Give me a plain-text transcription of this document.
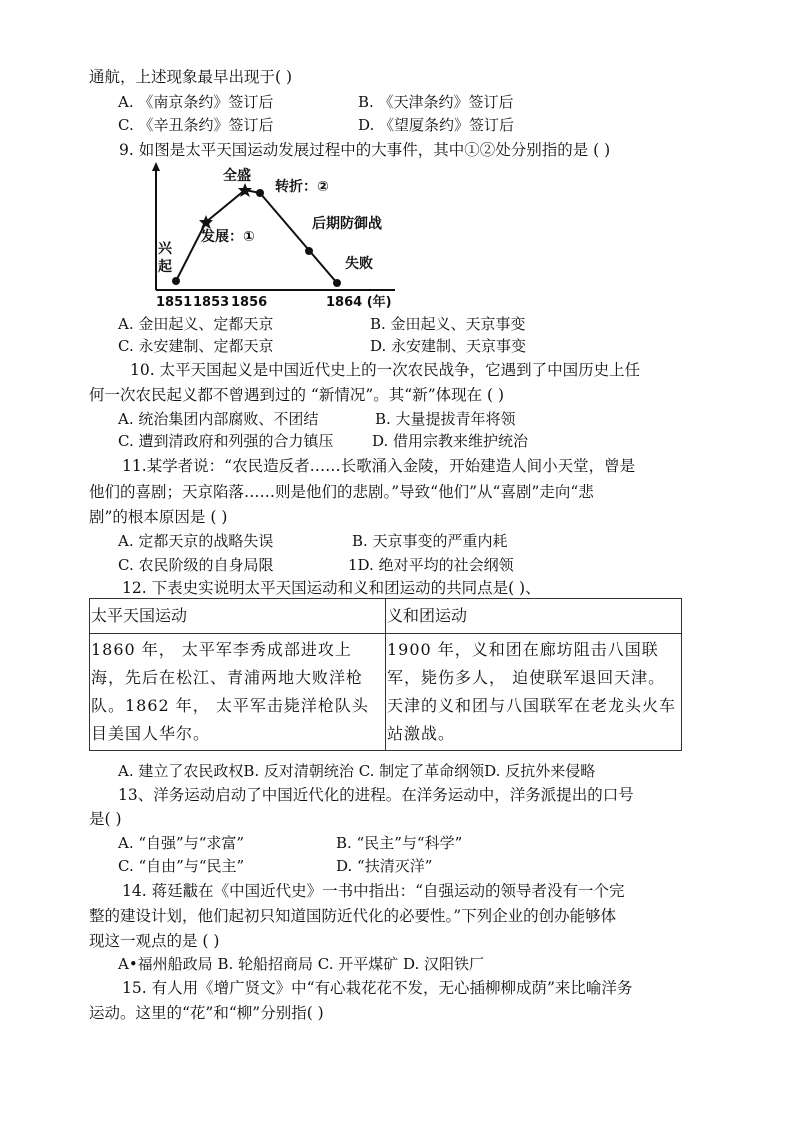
通航，上述现象最早出现于( )
A. 《南京条约》签订后	B. 《天津条约》签订后
C. 《辛丑条约》签订后	D. 《望厦条约》签订后
9. 如图是太平天国运动发展过程中的大事件，其中①②处分别指的是 ( )
兴
起
发展：①
全盛
转折：②
后期防御战
失败
1851 1853 1856	1864 (年)
A. 金田起义、定都天京	B. 金田起义、天京事变
C. 永安建制、定都天京	D. 永安建制、天京事变
10. 太平天国起义是中国近代史上的一次农民战争，它遇到了中国历史上任
何一次农民起义都不曾遇到过的 “新情况”。其“新”体现在 ( )
A. 统治集团内部腐败、不团结	B. 大量提拔青年将领
C. 遭到清政府和列强的合力镇压	D. 借用宗教来维护统治
11.某学者说：“农民造反者……长歌涌入金陵，开始建造人间小天堂，曾是
他们的喜剧；天京陷落……则是他们的悲剧。”导致“他们”从“喜剧”走向“悲
剧”的根本原因是 ( )
A. 定都天京的战略失误	B. 天京事变的严重内耗
C. 农民阶级的自身局限	1D. 绝对平均的社会纲领
12. 下表史实说明太平天国运动和义和团运动的共同点是( )、
太平天国运动	义和团运动
1860 年， 太平军李秀成部进攻上海，先后在松江、青浦两地大败洋枪队。1862 年， 太平军击毙洋枪队头目美国人华尔。	1900 年，义和团在廊坊阻击八国联军，毙伤多人， 迫使联军退回天津。天津的义和团与八国联军在老龙头火车站激战。
A. 建立了农民政权B. 反对清朝统治 C. 制定了革命纲领D. 反抗外来侵略
13、洋务运动启动了中国近代化的进程。在洋务运动中，洋务派提出的口号
是( )
A. “自强”与“求富”	B. “民主”与“科学”
C. “自由”与“民主”	D. “扶清灭洋”
14. 蒋廷黻在《中国近代史》一书中指出：“自强运动的领导者没有一个完
整的建设计划，他们起初只知道国防近代化的必要性。”下列企业的创办能够体
现这一观点的是 ( )
A•福州船政局 B. 轮船招商局 C. 开平煤矿 D. 汉阳铁厂
15. 有人用《增广贤文》中“有心栽花花不发，无心插柳柳成荫”来比喻洋务
运动。这里的“花”和“柳”分别指( )
